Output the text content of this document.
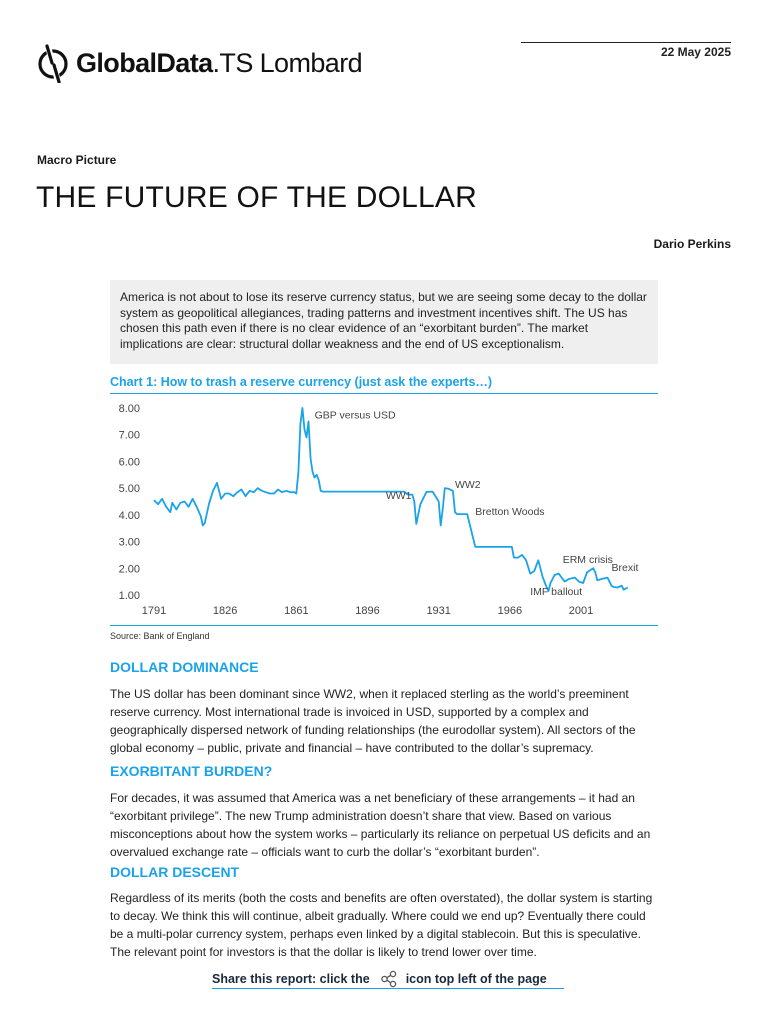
GlobalData.TS Lombard	22 May 2025
Macro Picture
THE FUTURE OF THE DOLLAR
Dario Perkins
America is not about to lose its reserve currency status, but we are seeing some decay to the dollar system as geopolitical allegiances, trading patterns and investment incentives shift. The US has chosen this path even if there is no clear evidence of an “exorbitant burden”. The market implications are clear: structural dollar weakness and the end of US exceptionalism.
Chart 1: How to trash a reserve currency (just ask the experts…)
1.00
2.00
3.00
4.00
5.00
6.00
7.00
8.00
1791	1826	1861	1896	1931	1966	2001
GBP versus USD
WW1
WW2
Bretton Woods
ERM crisis
Brexit
IMF ballout
Source: Bank of England
DOLLAR DOMINANCE
The US dollar has been dominant since WW2, when it replaced sterling as the world’s preeminent reserve currency. Most international trade is invoiced in USD, supported by a complex and geographically dispersed network of funding relationships (the eurodollar system). All sectors of the global economy – public, private and financial – have contributed to the dollar’s supremacy.
EXORBITANT BURDEN?
For decades, it was assumed that America was a net beneficiary of these arrangements – it had an “exorbitant privilege”. The new Trump administration doesn’t share that view. Based on various misconceptions about how the system works – particularly its reliance on perpetual US deficits and an overvalued exchange rate – officials want to curb the dollar’s “exorbitant burden”.
DOLLAR DESCENT
Regardless of its merits (both the costs and benefits are often overstated), the dollar system is starting to decay. We think this will continue, albeit gradually. Where could we end up? Eventually there could be a multi-polar currency system, perhaps even linked by a digital stablecoin. But this is speculative. The relevant point for investors is that the dollar is likely to trend lower over time.
Share this report: click the	icon top left of the page
